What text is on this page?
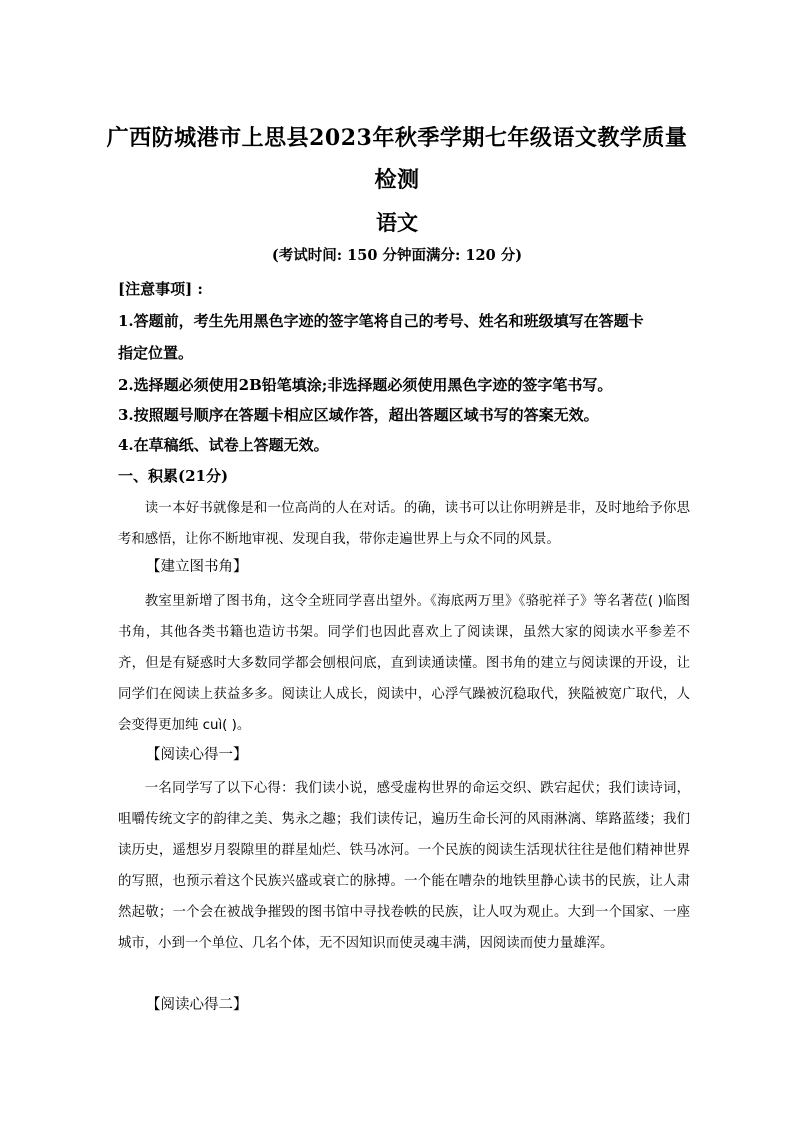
广西防城港市上思县2023年秋季学期七年级语文教学质量
检测
语文
(考试时间: 150 分钟面满分: 120 分)
[注意事项] :
1.答题前，考生先用黑色字迹的签字笔将自己的考号、姓名和班级填写在答题卡
指定位置。
2.选择题必须使用2B铅笔填涂;非选择题必须使用黑色字迹的签字笔书写。
3.按照题号顺序在答题卡相应区域作答，超出答题区域书写的答案无效。
4.在草稿纸、试卷上答题无效。
一、积累(21分)
读一本好书就像是和一位高尚的人在对话。的确，读书可以让你明辨是非，及时地给予你思考和感悟，让你不断地审视、发现自我，带你走遍世界上与众不同的风景。
【建立图书角】
教室里新增了图书角，这令全班同学喜出望外。《海底两万里》《骆驼祥子》等名著莅( )临图书角，其他各类书籍也造访书架。同学们也因此喜欢上了阅读课，虽然大家的阅读水平参差不齐，但是有疑惑时大多数同学都会刨根问底，直到读通读懂。图书角的建立与阅读课的开设，让同学们在阅读上获益多多。阅读让人成长，阅读中，心浮气躁被沉稳取代，狭隘被宽广取代，人会变得更加纯 cuì( )。
【阅读心得一】
一名同学写了以下心得：我们读小说，感受虚构世界的命运交织、跌宕起伏；我们读诗词，咀嚼传统文字的韵律之美、隽永之趣；我们读传记，遍历生命长河的风雨淋漓、筚路蓝缕；我们读历史，遥想岁月裂隙里的群星灿烂、铁马冰河。一个民族的阅读生活现状往往是他们精神世界的写照，也预示着这个民族兴盛或衰亡的脉搏。一个能在嘈杂的地铁里静心读书的民族，让人肃然起敬；一个会在被战争摧毁的图书馆中寻找卷帙的民族，让人叹为观止。大到一个国家、一座城市，小到一个单位、几名个体，无不因知识而使灵魂丰满，因阅读而使力量雄浑。
【阅读心得二】
